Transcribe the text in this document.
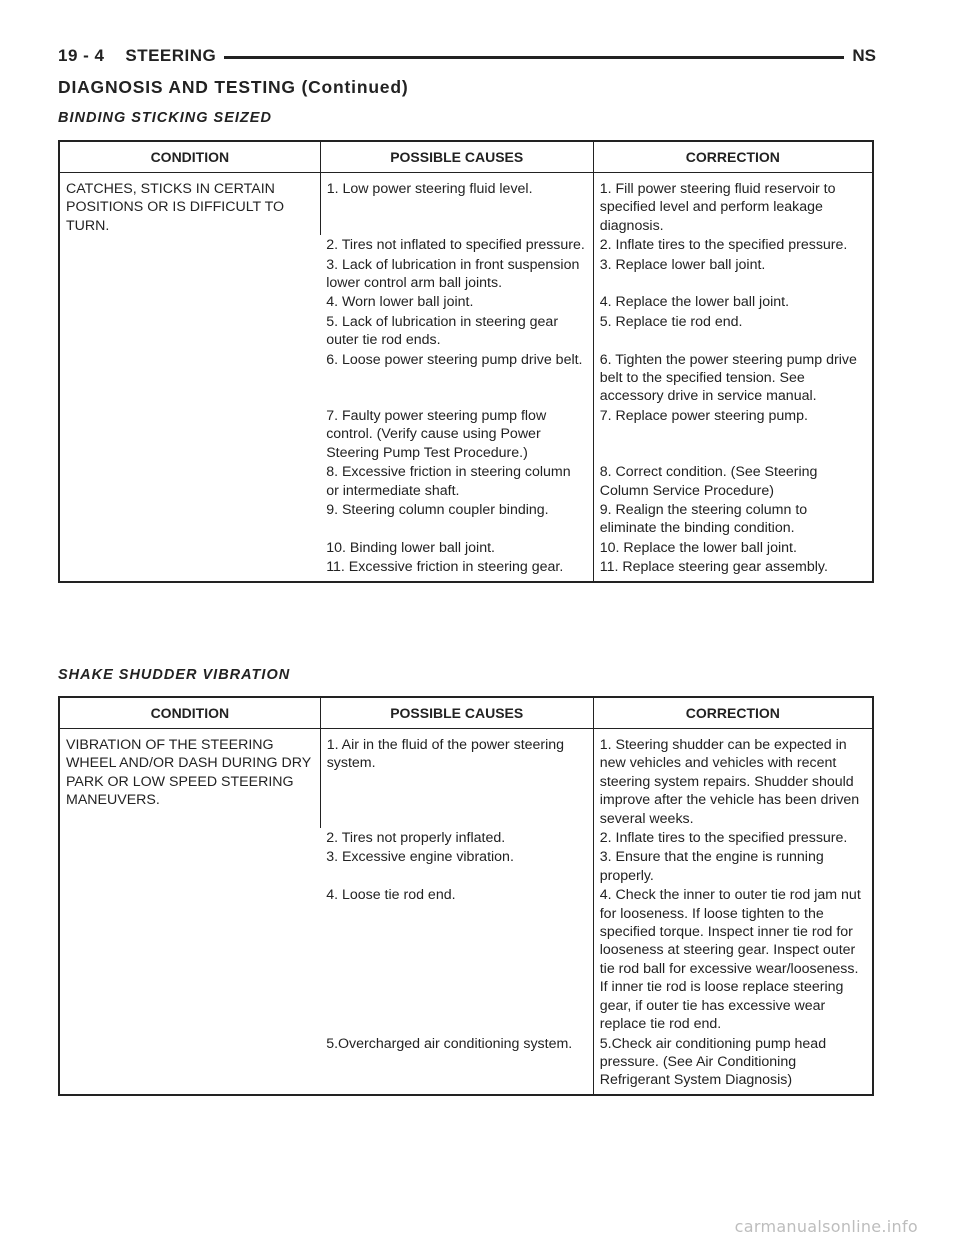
19 - 4    STEERING	NS
DIAGNOSIS AND TESTING (Continued)
BINDING STICKING SEIZED
CONDITION	POSSIBLE CAUSES	CORRECTION
CATCHES, STICKS IN CERTAIN POSITIONS OR IS DIFFICULT TO TURN.	1. Low power steering fluid level.	1. Fill power steering fluid reservoir to specified level and perform leakage diagnosis.
	2. Tires not inflated to specified pressure.	2. Inflate tires to the specified pressure.
	3. Lack of lubrication in front suspension lower control arm ball joints.	3. Replace lower ball joint.
	4. Worn lower ball joint.	4. Replace the lower ball joint.
	5. Lack of lubrication in steering gear outer tie rod ends.	5. Replace tie rod end.
	6. Loose power steering pump drive belt.	6. Tighten the power steering pump drive belt to the specified tension. See accessory drive in service manual.
	7. Faulty power steering pump flow control. (Verify cause using Power Steering Pump Test Procedure.)	7. Replace power steering pump.
	8. Excessive friction in steering column or intermediate shaft.	8. Correct condition. (See Steering Column Service Procedure)
	9. Steering column coupler binding.	9. Realign the steering column to eliminate the binding condition.
	10. Binding lower ball joint.	10. Replace the lower ball joint.
	11. Excessive friction in steering gear.	11. Replace steering gear assembly.
SHAKE SHUDDER VIBRATION
CONDITION	POSSIBLE CAUSES	CORRECTION
VIBRATION OF THE STEERING WHEEL AND/OR DASH DURING DRY PARK OR LOW SPEED STEERING MANEUVERS.	1. Air in the fluid of the power steering system.	1. Steering shudder can be expected in new vehicles and vehicles with recent steering system repairs. Shudder should improve after the vehicle has been driven several weeks.
	2. Tires not properly inflated.	2. Inflate tires to the specified pressure.
	3. Excessive engine vibration.	3. Ensure that the engine is running properly.
	4. Loose tie rod end.	4. Check the inner to outer tie rod jam nut for looseness. If loose tighten to the specified torque. Inspect inner tie rod for looseness at steering gear. Inspect outer tie rod ball for excessive wear/looseness. If inner tie rod is loose replace steering gear, if outer tie has excessive wear replace tie rod end.
	5.Overcharged air conditioning system.	5.Check air conditioning pump head pressure. (See Air Conditioning Refrigerant System Diagnosis)
carmanualsonline.info
